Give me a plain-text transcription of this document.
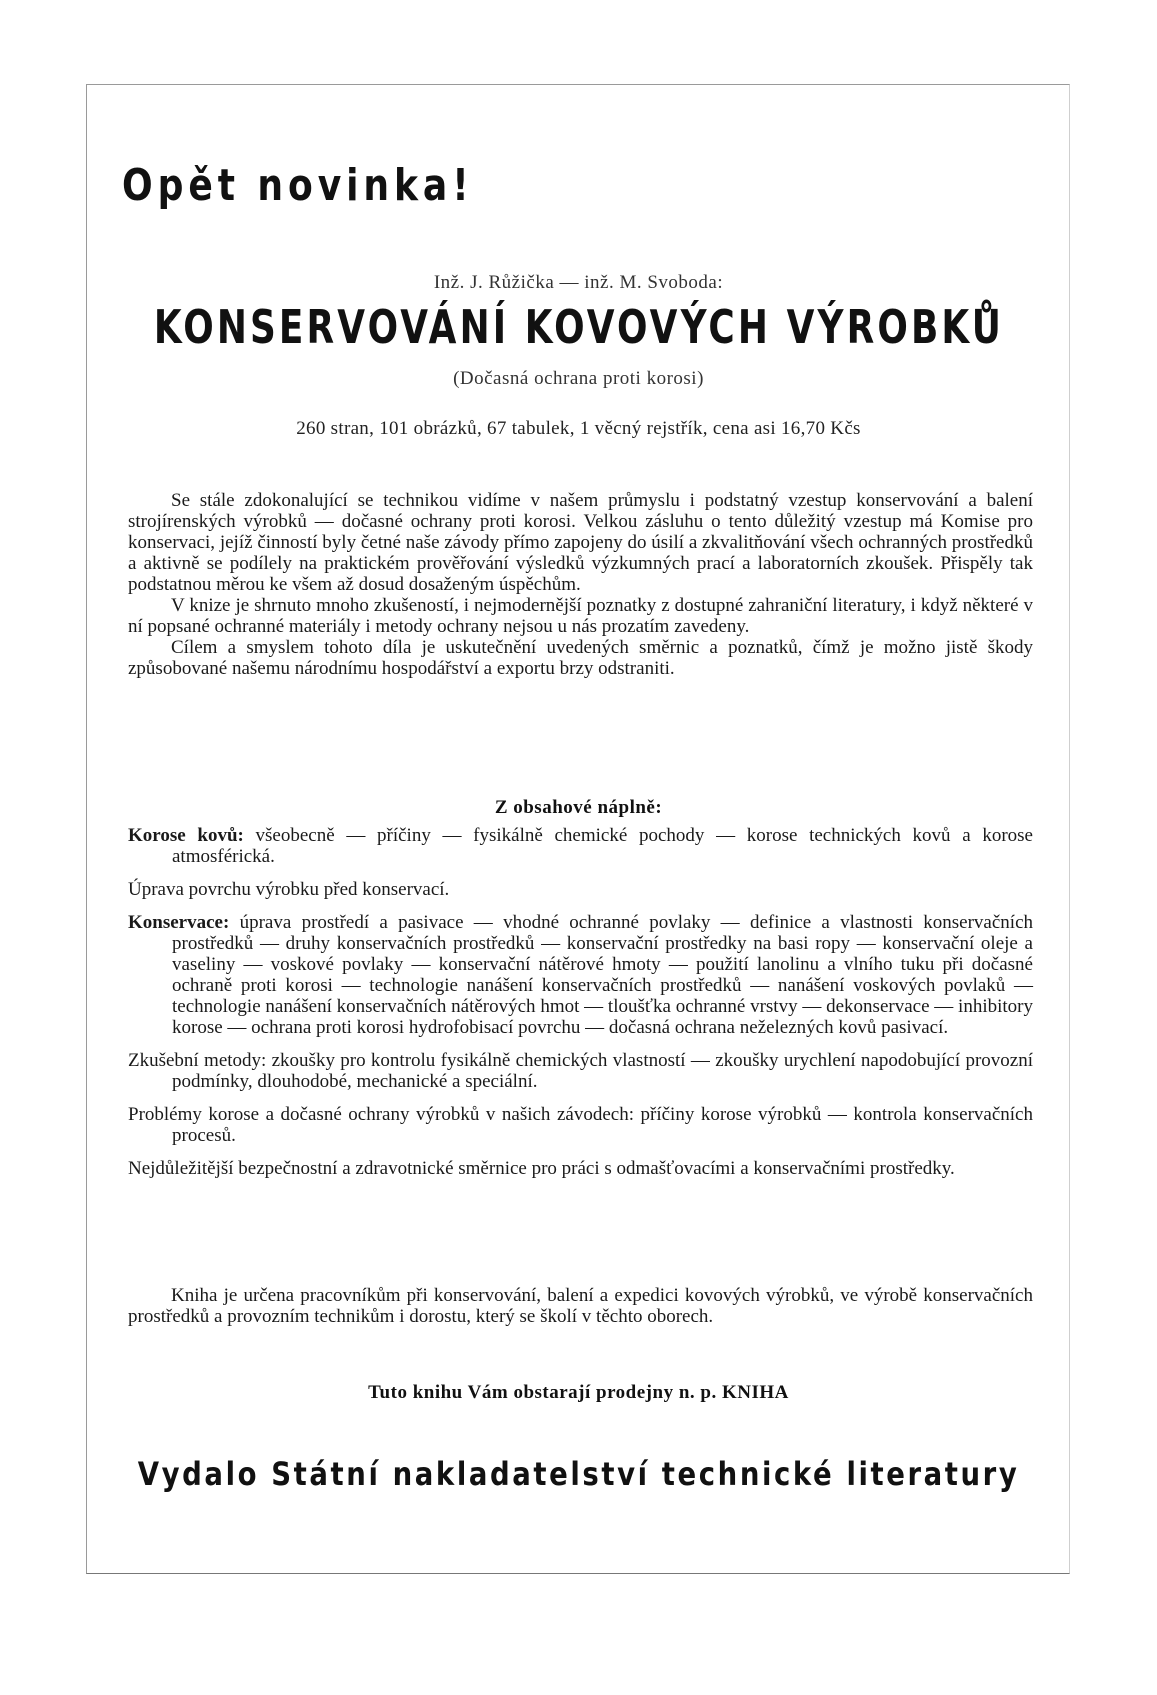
Opět novinka!
Inž. J. Růžička — inž. M. Svoboda:
KONSERVOVÁNÍ KOVOVÝCH VÝROBKŮ
(Dočasná ochrana proti korosi)
260 stran, 101 obrázků, 67 tabulek, 1 věcný rejstřík, cena asi 16,70 Kčs

Se stále zdokonalující se technikou vidíme v našem průmyslu i podstatný vzestup konservování a balení strojírenských výrobků — dočasné ochrany proti korosi. Velkou zásluhu o tento důležitý vzestup má Komise pro konservaci, jejíž činností byly četné naše závody přímo zapojeny do úsilí a zkvalitňování všech ochranných prostředků a aktivně se podílely na praktickém prověřování výsledků výzkumných prací a laboratorních zkoušek. Přispěly tak podstatnou měrou ke všem až dosud dosaženým úspěchům.

V knize je shrnuto mnoho zkušeností, i nejmodernější poznatky z dostupné zahraniční literatury, i když některé v ní popsané ochranné materiály i metody ochrany nejsou u nás prozatím zavedeny.

Cílem a smyslem tohoto díla je uskutečnění uvedených směrnic a poznatků, čímž je možno jistě škody způsobované našemu národnímu hospodářství a exportu brzy odstraniti.

Z obsahové náplně:

Korose kovů: všeobecně — příčiny — fysikálně chemické pochody — korose technických kovů a korose atmosférická.

Úprava povrchu výrobku před konservací.

Konservace: úprava prostředí a pasivace — vhodné ochranné povlaky — definice a vlastnosti konservačních prostředků — druhy konservačních prostředků — konservační prostředky na basi ropy — konservační oleje a vaseliny — voskové povlaky — konservační nátěrové hmoty — použití lanolinu a vlního tuku při dočasné ochraně proti korosi — technologie nanášení konservačních prostředků — nanášení voskových povlaků — technologie nanášení konservačních nátěrových hmot — tloušťka ochranné vrstvy — dekonservace — inhibitory korose — ochrana proti korosi hydrofobisací povrchu — dočasná ochrana neželezných kovů pasivací.

Zkušební metody: zkoušky pro kontrolu fysikálně chemických vlastností — zkoušky urychlení napodobující provozní podmínky, dlouhodobé, mechanické a speciální.

Problémy korose a dočasné ochrany výrobků v našich závodech: příčiny korose výrobků — kontrola konservačních procesů.

Nejdůležitější bezpečnostní a zdravotnické směrnice pro práci s odmašťovacími a konservačními prostředky.

Kniha je určena pracovníkům při konservování, balení a expedici kovových výrobků, ve výrobě konservačních prostředků a provozním technikům i dorostu, který se školí v těchto oborech.

Tuto knihu Vám obstarají prodejny n. p. KNIHA
Vydalo Státní nakladatelství technické literatury
